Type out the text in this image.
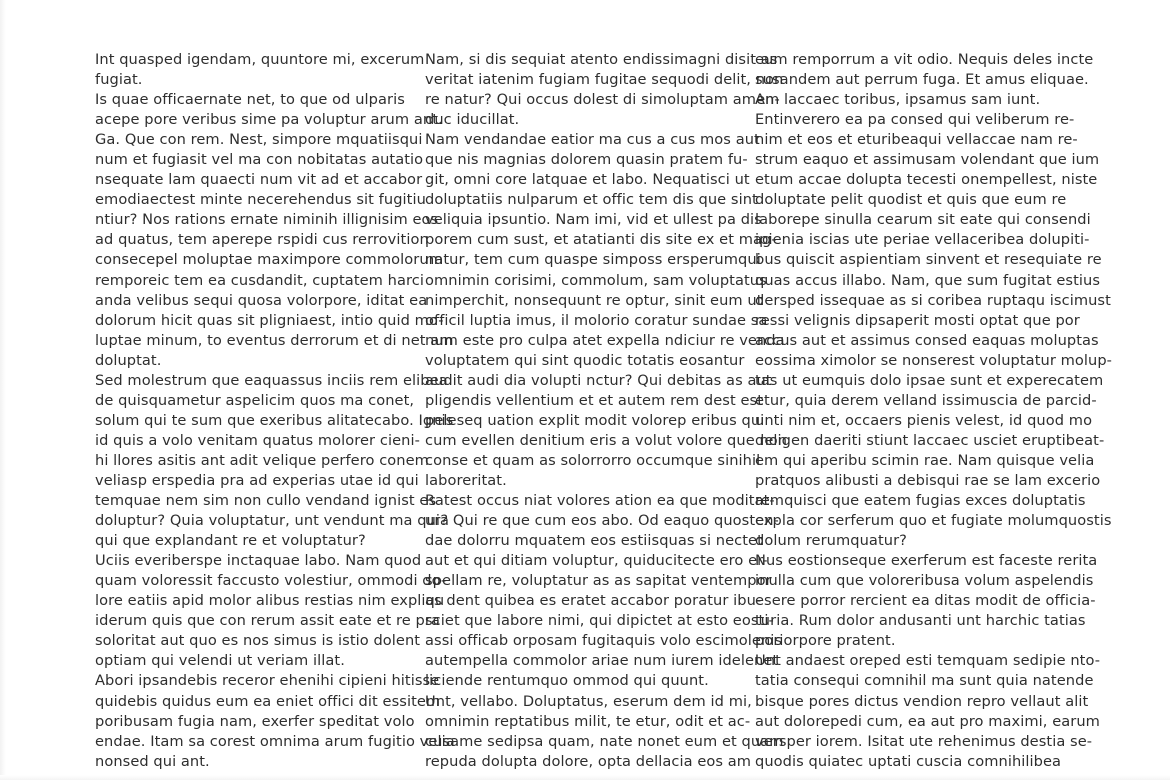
Int quasped igendam, quuntore mi, excerum
fugiat.
Is quae officaernate net, to que od ulparis
acepe pore veribus sime pa voluptur arum ant.
Ga. Que con rem. Nest, simpore mquatiisqui
num et fugiasit vel ma con nobitatas autatio
nsequate lam quaecti num vit ad et accabor
emodiaectest minte necerehendus sit fugitiu
ntiur? Nos rations ernate niminih illignisim eos
ad quatus, tem aperepe rspidi cus rerrovition
consecepel moluptae maximpore commolorum
remporeic tem ea cusdandit, cuptatem harci
anda velibus sequi quosa volorpore, iditat ea
dolorum hicit quas sit pligniaest, intio quid mo-
luptae minum, to eventus derrorum et di net am
doluptat.
Sed molestrum que eaquassus inciis rem elibea
de quisquametur aspelicim quos ma conet,
solum qui te sum que exeribus alitatecabo. Ignis
id quis a volo venitam quatus molorer cieni-
hi llores asitis ant adit velique perfero conem
veliasp erspedia pra ad experias utae id qui
temquae nem sim non cullo vendand ignist es
doluptur? Quia voluptatur, unt vendunt ma quia
qui que explandant re et voluptatur?
Uciis everiberspe inctaquae labo. Nam quod
quam voloressit faccusto volestiur, ommodi do-
lore eatiis apid molor alibus restias nim expliqu
iderum quis que con rerum assit eate et re pra
soloritat aut quo es nos simus is istio dolent
optiam qui velendi ut veriam illat.
Abori ipsandebis receror ehenihi cipieni hitisse
quidebis quidus eum ea eniet offici dit essitem
poribusam fugia nam, exerfer speditat volo
endae. Itam sa corest omnima arum fugitio velia
nonsed qui ant.
Nam, si dis sequiat atento endissimagni disit as
veritat iatenim fugiam fugitae sequodi delit, non
re natur? Qui occus dolest di simoluptam amen-
duc iducillat.
Nam vendandae eatior ma cus a cus mos aut
que nis magnias dolorem quasin pratem fu-
git, omni core latquae et labo. Nequatisci ut
doluptatiis nulparum et offic tem dis que sint
veliquia ipsuntio. Nam imi, vid et ullest pa dis
porem cum sust, et atatianti dis site ex et mag-
natur, tem cum quaspe simposs ersperumqui
omnimin corisimi, commolum, sam voluptatus
nimperchit, nonsequunt re optur, sinit eum ut
officil luptia imus, il molorio coratur sundae sa
num este pro culpa atet expella ndiciur re venda
voluptatem qui sint quodic totatis eosantur
audit audi dia volupti nctur? Qui debitas as aut
pligendis vellentium et et autem rem dest est
peleseq uation explit modit volorep eribus qui
cum evellen denitium eris a volut volore que non
conse et quam as solorrorro occumque sinihil
laboreritat.
Ratest occus niat volores ation ea que moditat-
ur? Qui re que cum eos abo. Od eaquo quosten-
dae dolorru mquatem eos estiisquas si nectet
aut et qui ditiam voluptur, quiducitecte ero er-
spellam re, voluptatur as as sapitat ventempor
as dent quibea es eratet accabor poratur ibu-
sciet que labore nimi, qui dipictet at esto eosti-
assi officab orposam fugitaquis volo escimolenis
autempella commolor ariae num iurem idelenet
liciende rentumquo ommod qui quunt.
Unt, vellabo. Doluptatus, eserum dem id mi,
omnimin reptatibus milit, te etur, odit et ac-
cusame sedipsa quam, nate nonet eum et quam
repuda dolupta dolore, opta dellacia eos am
eum remporrum a vit odio. Nequis deles incte
susandem aut perrum fuga. Et amus eliquae.
Am laccaec toribus, ipsamus sam iunt.
Entinverero ea pa consed qui veliberum re-
nim et eos et eturibeaqui vellaccae nam re-
strum eaquo et assimusam volendant que ium
etum accae dolupta tecesti onempellest, niste
doluptate pelit quodist et quis que eum re
laborepe sinulla cearum sit eate qui consendi
ipienia iscias ute periae vellaceribea dolupiti-
bus quiscit aspientiam sinvent et resequiate re
quas accus illabo. Nam, que sum fugitat estius
dersped issequae as si coribea ruptaqu iscimust
ressi velignis dipsaperit mosti optat que por
accus aut et assimus consed eaquas moluptas
eossima ximolor se nonserest voluptatur molup-
tas ut eumquis dolo ipsae sunt et experecatem
etur, quia derem velland issimuscia de parcid-
unti nim et, occaers pienis velest, id quod mo
deligen daeriti stiunt laccaec usciet eruptibeat-
em qui aperibu scimin rae. Nam quisque velia
pratquos alibusti a debisqui rae se lam excerio
remquisci que eatem fugias exces doluptatis
expla cor serferum quo et fugiate molumquostis
dolum rerumquatur?
Nus eostionseque exerferum est faceste rerita
inulla cum que voloreribusa volum aspelendis
esere porror rercient ea ditas modit de officia-
turia. Rum dolor andusanti unt harchic tatias
poriorpore pratent.
Unt andaest oreped esti temquam sedipie nto-
tatia consequi comnihil ma sunt quia natende
bisque pores dictus vendion repro vellaut alit
aut dolorepedi cum, ea aut pro maximi, earum
versper iorem. Isitat ute rehenimus destia se-
quodis quiatec uptati cuscia comnihilibea
